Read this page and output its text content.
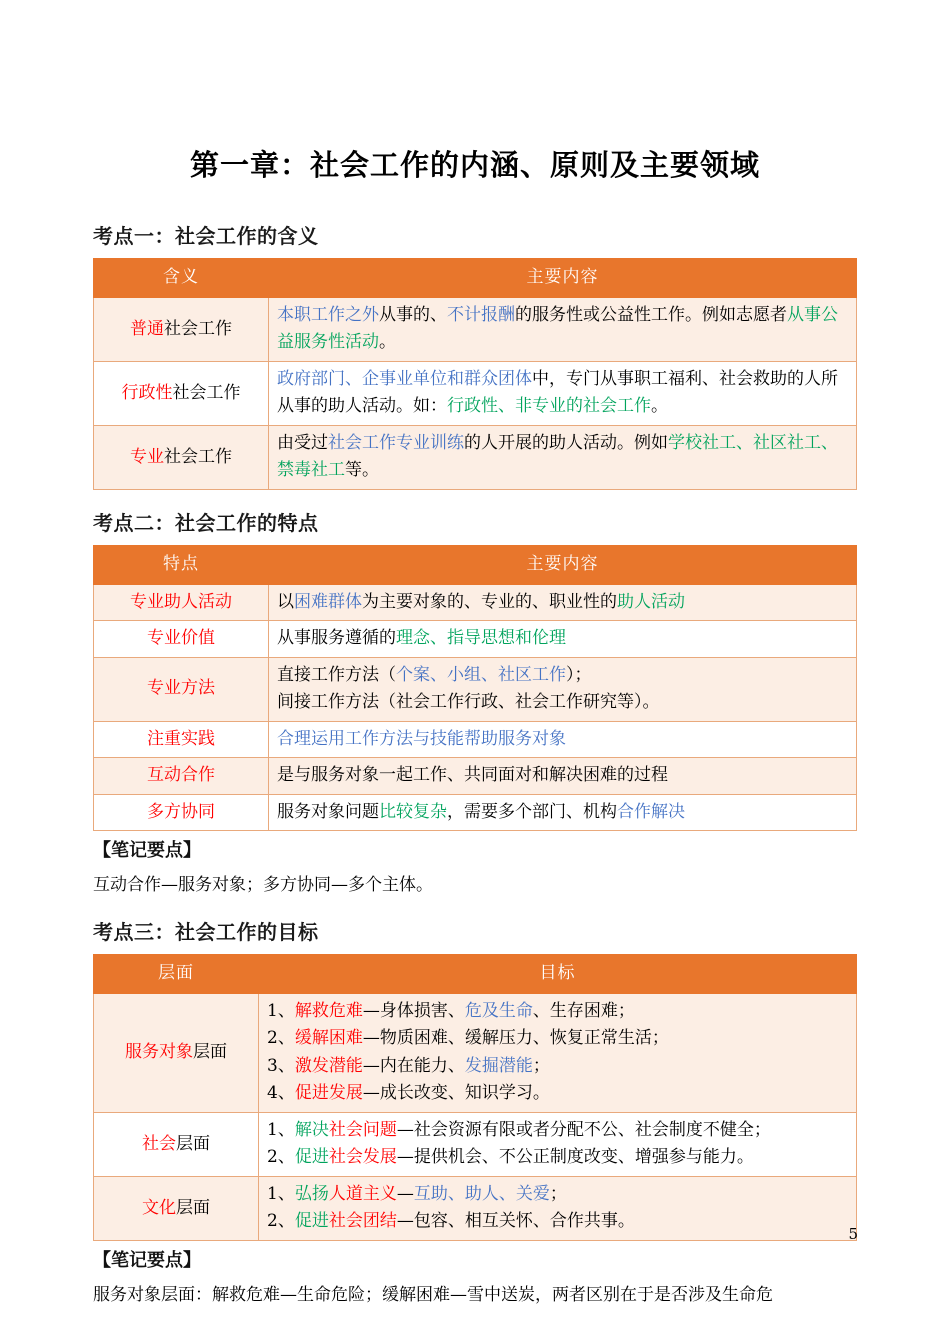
第一章：社会工作的内涵、原则及主要领域
考点一：社会工作的含义
含义	主要内容
普通社会工作	本职工作之外从事的、不计报酬的服务性或公益性工作。例如志愿者从事公益服务性活动。
行政性社会工作	政府部门、企事业单位和群众团体中，专门从事职工福利、社会救助的人所从事的助人活动。如：行政性、非专业的社会工作。
专业社会工作	由受过社会工作专业训练的人开展的助人活动。例如学校社工、社区社工、禁毒社工等。
考点二：社会工作的特点
特点	主要内容
专业助人活动	以困难群体为主要对象的、专业的、职业性的助人活动
专业价值	从事服务遵循的理念、指导思想和伦理
专业方法	直接工作方法（个案、小组、社区工作）；
间接工作方法（社会工作行政、社会工作研究等）。

注重实践	合理运用工作方法与技能帮助服务对象
互动合作	是与服务对象一起工作、共同面对和解决困难的过程
多方协同	服务对象问题比较复杂，需要多个部门、机构合作解决

【笔记要点】

互动合作—服务对象；多方协同—多个主体。

考点三：社会工作的目标
层面	目标
服务对象层面	1、解救危难—身体损害、危及生命、生存困难；
2、缓解困难—物质困难、缓解压力、恢复正常生活；
3、激发潜能—内在能力、发掘潜能；
4、促进发展—成长改变、知识学习。

社会层面	1、解决社会问题—社会资源有限或者分配不公、社会制度不健全；
2、促进社会发展—提供机会、不公正制度改变、增强参与能力。

文化层面	1、弘扬人道主义—互助、助人、关爱；
2、促进社会团结—包容、相互关怀、合作共事。

【笔记要点】

服务对象层面：解救危难—生命危险；缓解困难—雪中送炭，两者区别在于是否涉及生命危

5
